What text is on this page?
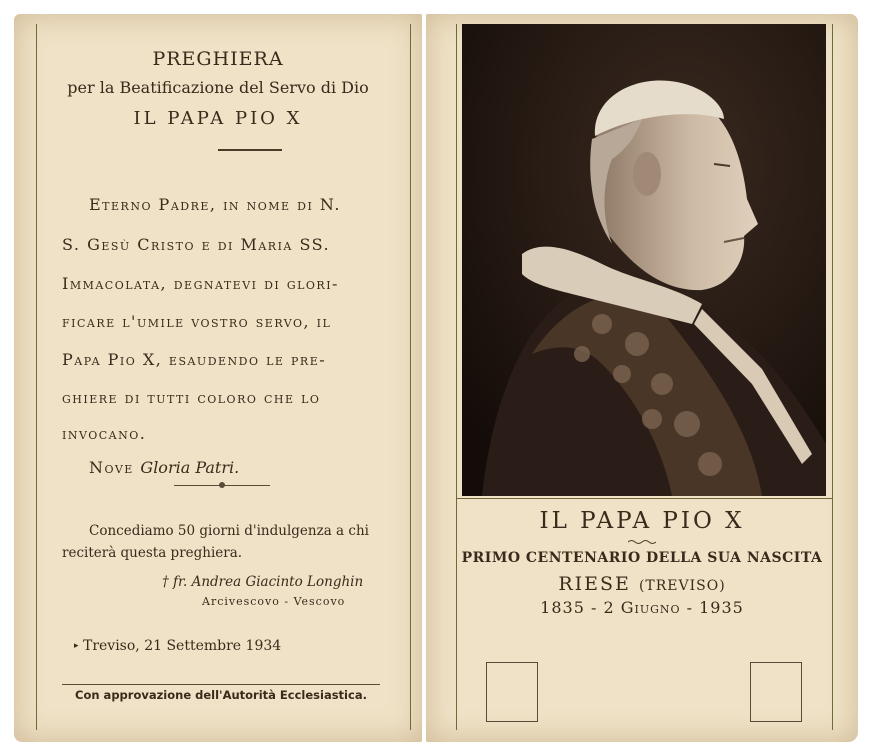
PREGHIERA
per la Beatificazione del Servo di Dio
IL PAPA PIO X
Eterno Padre, in nome di N.
S. Gesù Cristo e di Maria SS.
Immacolata, degnatevi di glori-
ficare l'umile vostro servo, il
Papa Pio X, esaudendo le pre-
ghiere di tutti coloro che lo
invocano.
Nove Gloria Patri.
Concediamo 50 giorni d'indulgenza a chi
reciterà questa preghiera.
† fr. Andrea Giacinto Longhin
Arcivescovo - Vescovo
▸ Treviso, 21 Settembre 1934
Con approvazione dell'Autorità Ecclesiastica.
IL PAPA PIO X
PRIMO CENTENARIO DELLA SUA NASCITA
RIESE (TREVISO)
1835 - 2 Giugno - 1935
